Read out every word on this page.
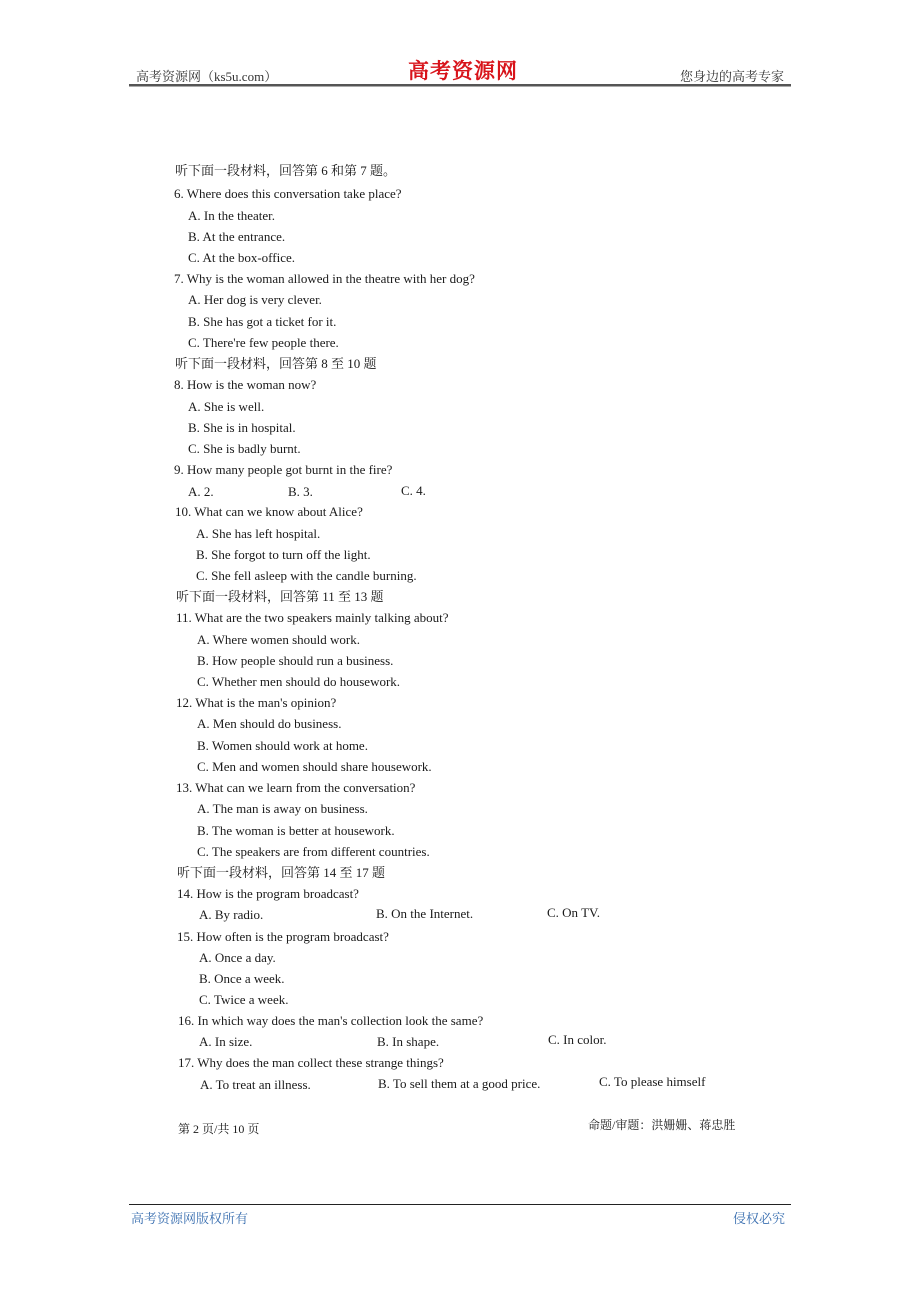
高考资源网（ks5u.com）	高考资源网	您身边的高考专家
听下面一段材料，回答第 6 和第 7 题。
6. Where does this conversation take place?
A. In the theater.
B. At the entrance.
C. At the box-office.
7. Why is the woman allowed in the theatre with her dog?
A. Her dog is very clever.
B. She has got a ticket for it.
C. There're few people there.
听下面一段材料，回答第 8 至 10 题
8. How is the woman now?
A. She is well.
B. She is in hospital.
C. She is badly burnt.
9. How many people got burnt in the fire?
A. 2.	B. 3.	C. 4.
10. What can we know about Alice?
A. She has left hospital.
B. She forgot to turn off the light.
C. She fell asleep with the candle burning.
听下面一段材料，回答第 11 至 13 题
11. What are the two speakers mainly talking about?
A. Where women should work.
B. How people should run a business.
C. Whether men should do housework.
12. What is the man's opinion?
A. Men should do business.
B. Women should work at home.
C. Men and women should share housework.
13. What can we learn from the conversation?
A. The man is away on business.
B. The woman is better at housework.
C. The speakers are from different countries.
听下面一段材料，回答第 14 至 17 题
14. How is the program broadcast?
A. By radio.	B. On the Internet.	C. On TV.
15. How often is the program broadcast?
A. Once a day.
B. Once a week.
C. Twice a week.
16. In which way does the man's collection look the same?
A. In size.	B. In shape.	C. In color.
17. Why does the man collect these strange things?
A. To treat an illness.	B. To sell them at a good price.	C. To please himself
第 2 页/共 10 页	命题/审题：洪姗姗、蒋忠胜
高考资源网版权所有	侵权必究
